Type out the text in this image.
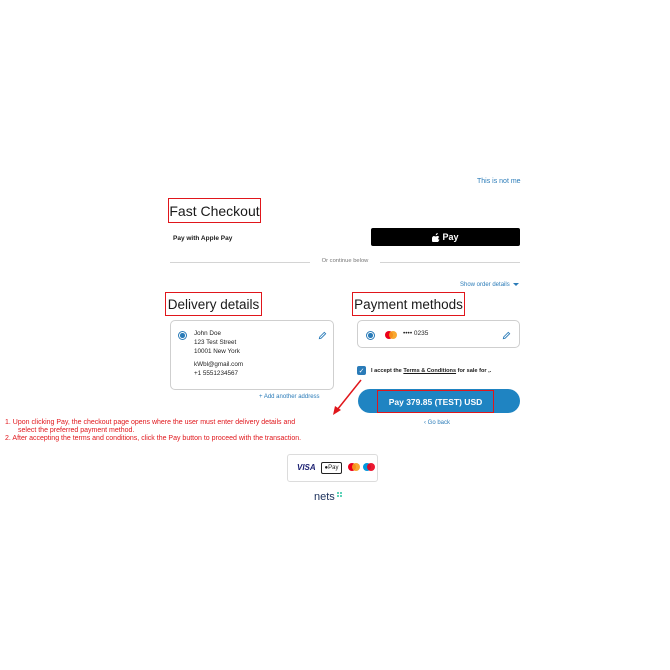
This is not me
Fast Checkout
Pay with Apple Pay	Pay
Or continue below
Show order details
Delivery details
John Doe
123 Test Street
10001 New York
kWbl@gmail.com
+1 5551234567
+ Add another address
Payment methods
•••• 0235
✓ I accept the Terms & Conditions for sale for ,.
Pay 379.85 (TEST) USD
‹ Go back

1. Upon clicking Pay, the checkout page opens where the user must enter delivery details and

select the preferred payment method.

2. After accepting the terms and conditions, click the Pay button to proceed with the transaction.

VISA ● Pay
nets
